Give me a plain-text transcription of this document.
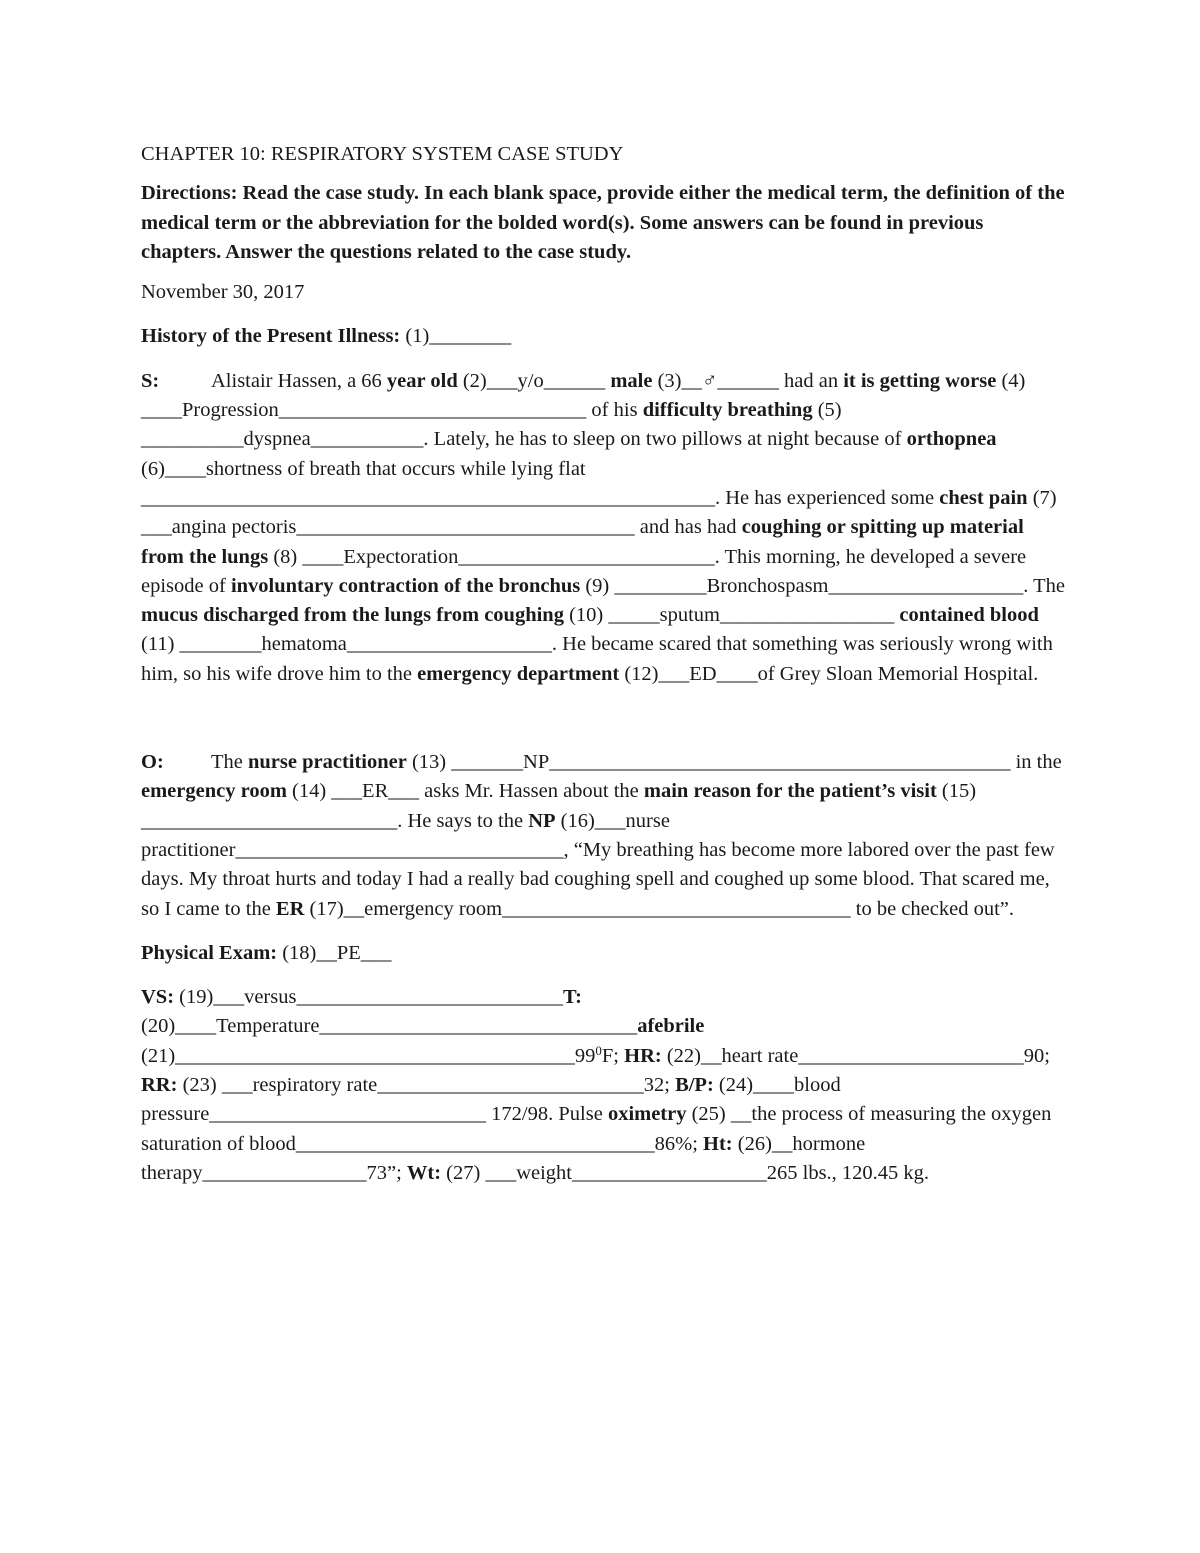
CHAPTER 10: RESPIRATORY SYSTEM CASE STUDY

Directions: Read the case study. In each blank space, provide either the medical term, the definition of the medical term or the abbreviation for the bolded word(s). Some answers can be found in previous chapters. Answer the questions related to the case study.

November 30, 2017

History of the Present Illness: (1)________

S:	Alistair Hassen, a 66 year old (2)___y/o______ male (3)__♂______ had an it is getting worse (4) ____Progression______________________________ of his difficulty breathing (5) __________dyspnea___________. Lately, he has to sleep on two pillows at night because of orthopnea (6)____shortness of breath that occurs while lying flat ________________________________________________________. He has experienced some chest pain (7) ___angina pectoris_________________________________ and has had coughing or spitting up material from the lungs (8) ____Expectoration_________________________. This morning, he developed a severe episode of involuntary contraction of the bronchus (9) _________Bronchospasm___________________. The mucus discharged from the lungs from coughing (10) _____sputum_________________ contained blood (11) ________hematoma____________________. He became scared that something was seriously wrong with him, so his wife drove him to the emergency department (12)___ED____of Grey Sloan Memorial Hospital.

O: The nurse practitioner (13) _______NP_____________________________________________ in the emergency room (14) ___ER___ asks Mr. Hassen about the main reason for the patient’s visit (15) _________________________. He says to the NP (16)___nurse practitioner________________________________, “My breathing has become more labored over the past few days. My throat hurts and today I had a really bad coughing spell and coughed up some blood. That scared me, so I came to the ER (17)__emergency room__________________________________ to be checked out”.

Physical Exam: (18)__PE___

VS: (19)___versus__________________________T: (20)____Temperature_______________________________afebrile $(21)\_\_\_\_\_\_\_\_\_\_\_\_\_\_\_\_\_\_\_\_\_\_\_\_\_\_\_\_\_\_\_\_\_\_\_\_\_\_\_99^0F$; HR: (22)__heart rate______________________90; RR: (23) ___respiratory rate__________________________32; B/P: (24)____blood pressure___________________________ 172/98. Pulse oximetry (25) __the process of measuring the oxygen saturation of blood___________________________________86%; Ht: (26)__hormone therapy________________73”; Wt: (27) ___weight___________________265 lbs., 120.45 kg.
